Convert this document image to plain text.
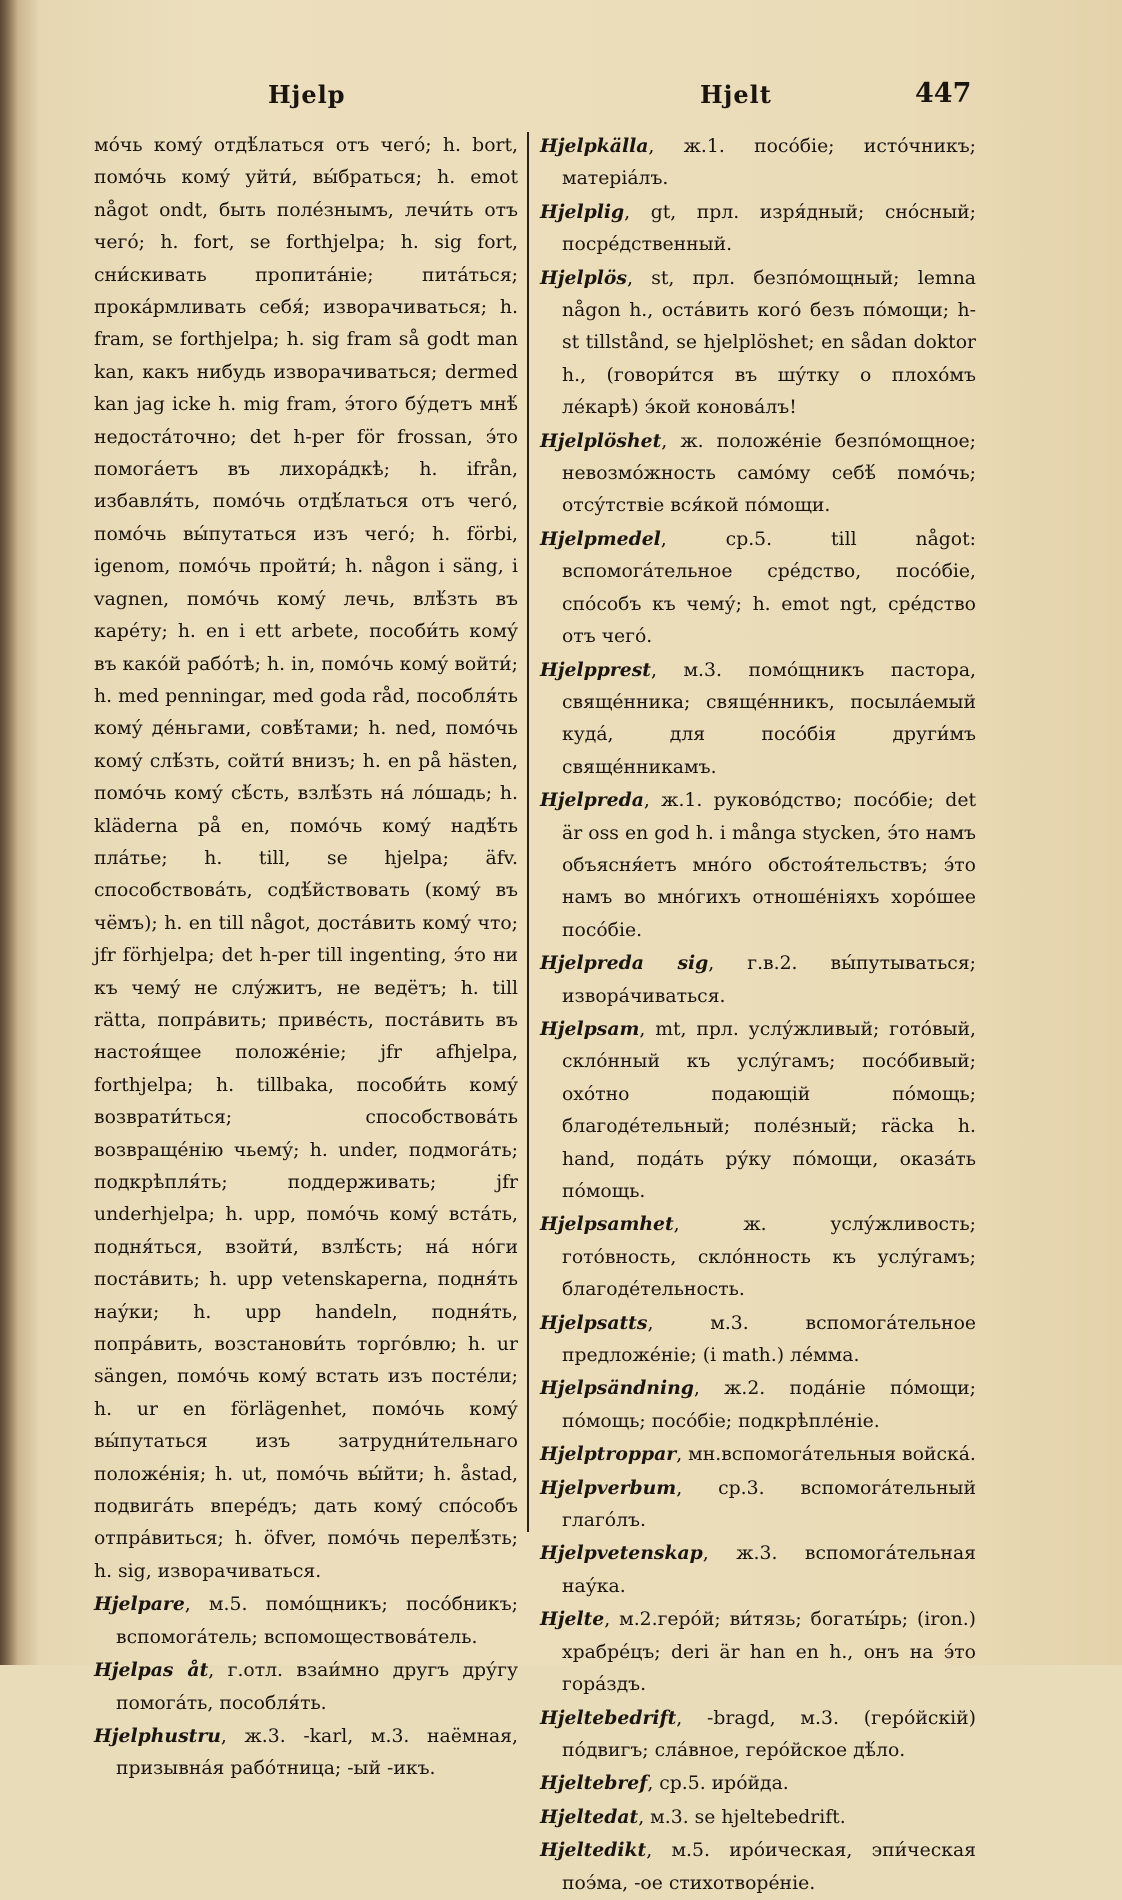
Hjelp	Hjelt	447

мо́чь кому́ отдѣ́латься отъ чего́; h. bort, помо́чь кому́ уйти́, вы́браться; h. emot något ondt, быть поле́знымъ, лечи́ть отъ чего́; h. fort, se forthjelpa; h. sig fort, сни́скивать пропита́ніе; пита́ться; прока́рмливать себя́; изворачиваться; h. fram, se forthjelpa; h. sig fram så godt man kan, какъ нибудь изворачиваться; dermed kan jag icke h. mig fram, э́того бу́детъ мнѣ́ недоста́точно; det h-per för frossan, э́то помога́етъ въ лихора́дкѣ; h. ifrån, избавля́ть, помо́чь отдѣ́латься отъ чего́, помо́чь вы́путаться изъ чего́; h. förbi, igenom, помо́чь пройти́; h. någon i säng, i vagnen, помо́чь кому́ лечь, влѣ́зть въ каре́ту; h. en i ett arbete, пособи́ть кому́ въ како́й рабо́тѣ; h. in, помо́чь кому́ войти́; h. med penningar, med goda råd, пособля́ть кому́ де́ньгами, совѣ́тами; h. ned, помо́чь кому́ слѣ́зть, сойти́ внизъ; h. en på hästen, помо́чь кому́ сѣ́сть, взлѣ́зть на́ ло́шадь; h. kläderna på en, помо́чь кому́ надѣ́ть пла́тье; h. till, se hjelpa; äfv. способствова́ть, содѣ́йствовать (кому́ въ чёмъ); h. en till något, доста́вить кому́ что; jfr förhjelpa; det h-per till ingenting, э́то ни къ чему́ не слу́житъ, не ведётъ; h. till rätta, попра́вить; приве́сть, поста́вить въ настоя́щее положе́ніе; jfr afhjelpa, forthjelpa; h. tillbaka, пособи́ть кому́ возврати́ться; способствова́ть возвраще́нію чьему́; h. under, подмога́ть; подкрѣпля́ть; поддерживать; jfr underhjelpa; h. upp, помо́чь кому́ вста́ть, подня́ться, взойти́, взлѣ́сть; на́ но́ги поста́вить; h. upp vetenskaperna, подня́ть нау́ки; h. upp handeln, подня́ть, попра́вить, возстанови́ть торго́влю; h. ur sängen, помо́чь кому́ встать изъ посте́ли; h. ur en förlägenhet, помо́чь кому́ вы́путаться изъ затрудни́тельнаго положе́нія; h. ut, помо́чь вы́йти; h. åstad, подвига́ть впере́дъ; дать кому́ спо́собъ отпра́виться; h. öfver, помо́чь перелѣ́зть; h. sig, изворачиваться.

Hjelpare, м.5. помо́щникъ; посо́бникъ; вспомога́тель; вспомоществова́тель.

Hjelpas åt, г.отл. взаи́мно другъ дру́гу помога́ть, пособля́ть.

Hjelphustru, ж.3. -karl, м.3. наёмная, призывна́я рабо́тница; -ый -икъ.

Hjelpkälla, ж.1. посо́біе; исто́чникъ; матеріа́лъ.

Hjelplig, gt, прл. изря́дный; сно́сный; посре́дственный.

Hjelplös, st, прл. безпо́мощный; lemna någon h., оста́вить кого́ безъ по́мощи; h-st tillstånd, se hjelplöshet; en sådan doktor h., (говори́тся въ шу́тку о плохо́мъ ле́карѣ) э́кой конова́лъ!

Hjelplöshet, ж. положе́ніе безпо́мощное; невозмо́жность само́му себѣ́ помо́чь; отсу́тствіе вся́кой по́мощи.

Hjelpmedel, ср.5. till något: вспомога́тельное сре́дство, посо́біе, спо́собъ къ чему́; h. emot ngt, сре́дство отъ чего́.

Hjelpprest, м.3. помо́щникъ пастора, свяще́нника; свяще́нникъ, посыла́емый куда́, для посо́бія други́мъ свяще́нникамъ.

Hjelpreda, ж.1. руково́дство; посо́біе; det är oss en god h. i många stycken, э́то намъ объясня́етъ мно́го обстоя́тельствъ; э́то намъ во мно́гихъ отноше́ніяхъ хоро́шее посо́біе.

Hjelpreda sig, г.в.2. вы́путываться; извора́чиваться.

Hjelpsam, mt, прл. услу́жливый; гото́вый, скло́нный къ услу́гамъ; посо́бивый; охо́тно подающій по́мощь; благоде́тельный; поле́зный; räcka h. hand, пода́ть ру́ку по́мощи, оказа́ть по́мощь.

Hjelpsamhet, ж. услу́жливость; гото́вность, скло́нность къ услу́гамъ; благоде́тельность.

Hjelpsatts, м.3. вспомога́тельное предложе́ніе; (i math.) ле́мма.

Hjelpsändning, ж.2. пода́ніе по́мощи; по́мощь; посо́біе; подкрѣпле́ніе.

Hjelptroppar, мн.вспомога́тельныя войска́.

Hjelpverbum, ср.3. вспомога́тельный глаго́лъ.

Hjelpvetenskap, ж.3. вспомога́тельная нау́ка.

Hjelte, м.2.геро́й; ви́тязь; богаты́рь; (iron.) храбре́цъ; deri är han en h., онъ на э́то гора́здъ.

Hjeltebedrift, -bragd, м.3. (геро́йскій) по́двигъ; сла́вное, геро́йское дѣ́ло.

Hjeltebref, ср.5. иро́йда.

Hjeltedat, м.3. se hjeltebedrift.

Hjeltedikt, м.5. иро́ическая, эпи́ческая поэ́ма, -ое стихотворе́ніе.
